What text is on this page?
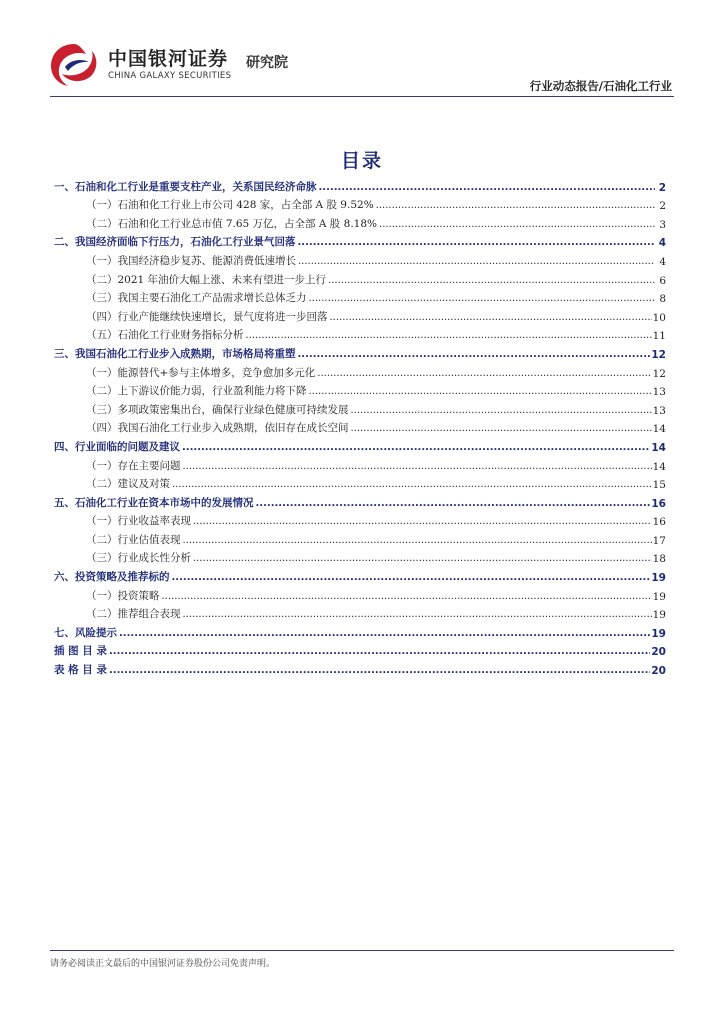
中国银河证券
CHINA GALAXY SECURITIES
研究院
行业动态报告/石油化工行业
目录
一、石油和化工行业是重要支柱产业，关系国民经济命脉 .....	2
（一）石油和化工行业上市公司 428 家，占全部 A 股 9.52% .....	2
（二）石油和化工行业总市值 7.65 万亿，占全部 A 股 8.18% .....	3
二、我国经济面临下行压力，石油化工行业景气回落 .....	4
（一）我国经济稳步复苏、能源消费低速增长 .....	4
（二）2021 年油价大幅上涨、未来有望进一步上行 .....	6
（三）我国主要石油化工产品需求增长总体乏力 .....	8
（四）行业产能继续快速增长，景气度将进一步回落 .....	10
（五）石油化工行业财务指标分析 .....	11
三、我国石油化工行业步入成熟期，市场格局将重塑 .....	12
（一）能源替代+参与主体增多，竞争愈加多元化 .....	12
（二）上下游议价能力弱，行业盈利能力将下降 .....	13
（三）多项政策密集出台，确保行业绿色健康可持续发展 .....	13
（四）我国石油化工行业步入成熟期，依旧存在成长空间 .....	14
四、行业面临的问题及建议 .....	14
（一）存在主要问题 .....	14
（二）建议及对策 .....	15
五、石油化工行业在资本市场中的发展情况 .....	16
（一）行业收益率表现 .....	16
（二）行业估值表现 .....	17
（三）行业成长性分析 .....	18
六、投资策略及推荐标的 .....	19
（一）投资策略 .....	19
（二）推荐组合表现 .....	19
七、风险提示 .....	19
插 图 目 录 .....	20
表 格 目 录 .....	20
请务必阅读正文最后的中国银河证券股份公司免责声明。
